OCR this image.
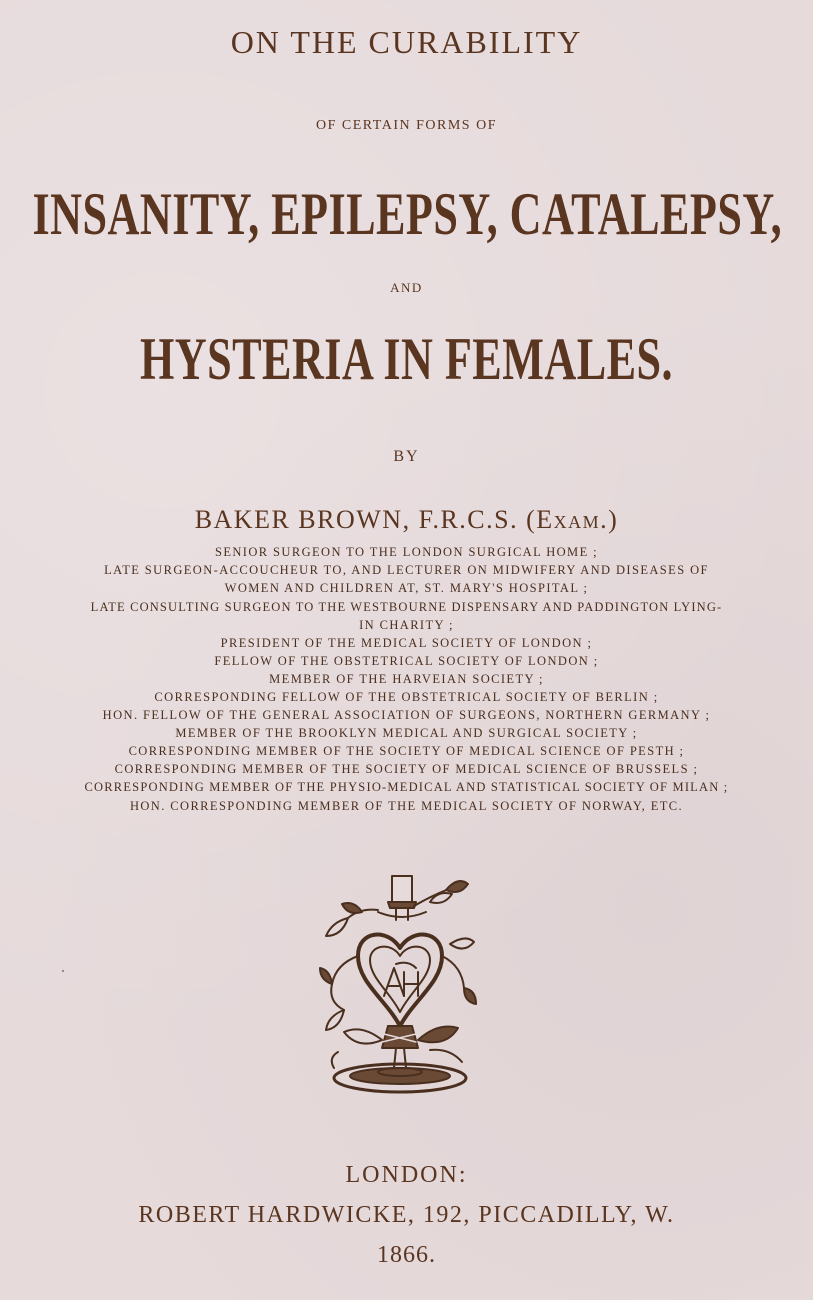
ON THE CURABILITY

OF CERTAIN FORMS OF

INSANITY, EPILEPSY, CATALEPSY,

AND

HYSTERIA IN FEMALES.

BY

BAKER BROWN, F.R.C.S. (Exam.)

SENIOR SURGEON TO THE LONDON SURGICAL HOME ;

LATE SURGEON-ACCOUCHEUR TO, AND LECTURER ON MIDWIFERY AND DISEASES OF

WOMEN AND CHILDREN AT, ST. MARY'S HOSPITAL ;

LATE CONSULTING SURGEON TO THE WESTBOURNE DISPENSARY AND PADDINGTON LYING-

IN CHARITY ;

PRESIDENT OF THE MEDICAL SOCIETY OF LONDON ;

FELLOW OF THE OBSTETRICAL SOCIETY OF LONDON ;

MEMBER OF THE HARVEIAN SOCIETY ;

CORRESPONDING FELLOW OF THE OBSTETRICAL SOCIETY OF BERLIN ;

HON. FELLOW OF THE GENERAL ASSOCIATION OF SURGEONS, NORTHERN GERMANY ;

MEMBER OF THE BROOKLYN MEDICAL AND SURGICAL SOCIETY ;

CORRESPONDING MEMBER OF THE SOCIETY OF MEDICAL SCIENCE OF PESTH ;

CORRESPONDING MEMBER OF THE SOCIETY OF MEDICAL SCIENCE OF BRUSSELS ;

CORRESPONDING MEMBER OF THE PHYSIO-MEDICAL AND STATISTICAL SOCIETY OF MILAN ;

HON. CORRESPONDING MEMBER OF THE MEDICAL SOCIETY OF NORWAY, ETC.

LONDON:

ROBERT HARDWICKE, 192, PICCADILLY, W.

1866.
